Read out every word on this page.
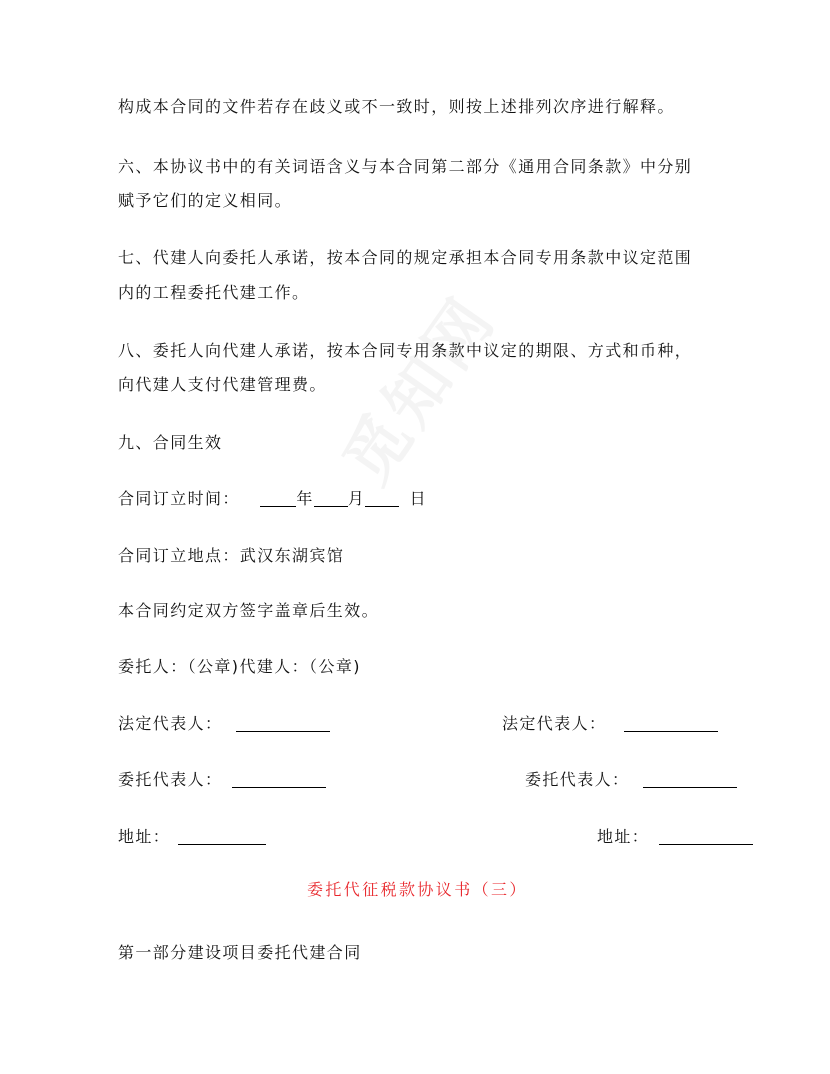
构成本合同的文件若存在歧义或不一致时，则按上述排列次序进行解释。
六、本协议书中的有关词语含义与本合同第二部分《通用合同条款》中分别
赋予它们的定义相同。
七、代建人向委托人承诺，按本合同的规定承担本合同专用条款中议定范围
内的工程委托代建工作。
八、委托人向代建人承诺，按本合同专用条款中议定的期限、方式和币种，
向代建人支付代建管理费。
九、合同生效
合同订立时间：	年 月	日
合同订立地点：武汉东湖宾馆
本合同约定双方签字盖章后生效。
委托人：（公章)代建人：（公章)
法定代表人：	法定代表人：
委托代表人：	委托代表人：
地址：	地址：
委托代征税款协议书（三）
第一部分建设项目委托代建合同
